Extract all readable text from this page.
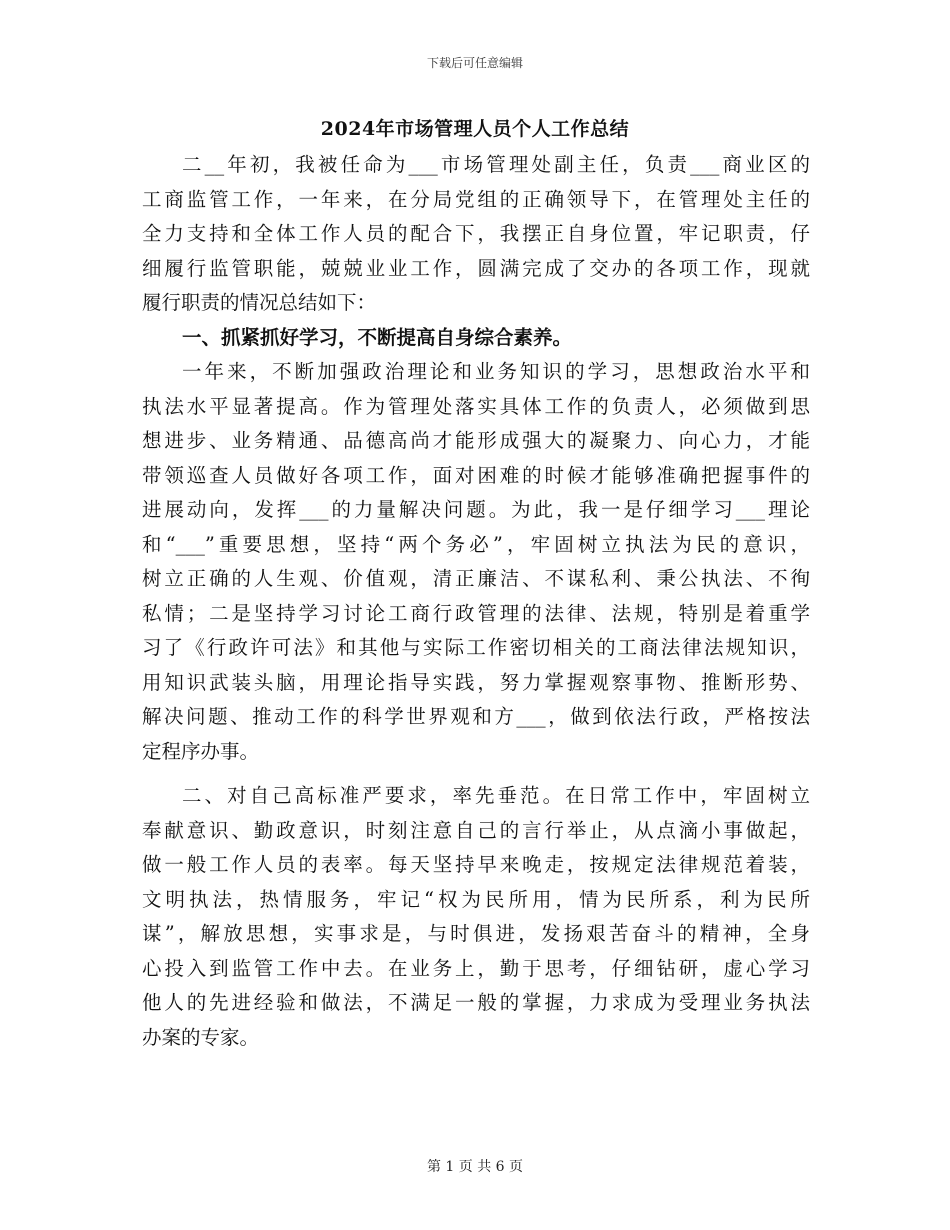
下载后可任意编辑
2024年市场管理人员个人工作总结
二__年初，我被任命为___市场管理处副主任，负责___商业区的
工商监管工作，一年来，在分局党组的正确领导下，在管理处主任的
全力支持和全体工作人员的配合下，我摆正自身位置，牢记职责，仔
细履行监管职能，兢兢业业工作，圆满完成了交办的各项工作，现就
履行职责的情况总结如下：
一、抓紧抓好学习，不断提高自身综合素养。
一年来，不断加强政治理论和业务知识的学习，思想政治水平和
执法水平显著提高。作为管理处落实具体工作的负责人，必须做到思
想进步、业务精通、品德高尚才能形成强大的凝聚力、向心力，才能
带领巡查人员做好各项工作，面对困难的时候才能够准确把握事件的
进展动向，发挥___的力量解决问题。为此，我一是仔细学习___理论
和“___”重要思想，坚持“两个务必”，牢固树立执法为民的意识，
树立正确的人生观、价值观，清正廉洁、不谋私利、秉公执法、不徇
私情；二是坚持学习讨论工商行政管理的法律、法规，特别是着重学
习了《行政许可法》和其他与实际工作密切相关的工商法律法规知识，
用知识武装头脑，用理论指导实践，努力掌握观察事物、推断形势、
解决问题、推动工作的科学世界观和方___，做到依法行政，严格按法
定程序办事。
二、对自己高标准严要求，率先垂范。在日常工作中，牢固树立
奉献意识、勤政意识，时刻注意自己的言行举止，从点滴小事做起，
做一般工作人员的表率。每天坚持早来晚走，按规定法律规范着装，
文明执法，热情服务，牢记“权为民所用，情为民所系，利为民所
谋”，解放思想，实事求是，与时俱进，发扬艰苦奋斗的精神，全身
心投入到监管工作中去。在业务上，勤于思考，仔细钻研，虚心学习
他人的先进经验和做法，不满足一般的掌握，力求成为受理业务执法
办案的专家。
第 1 页 共 6 页
